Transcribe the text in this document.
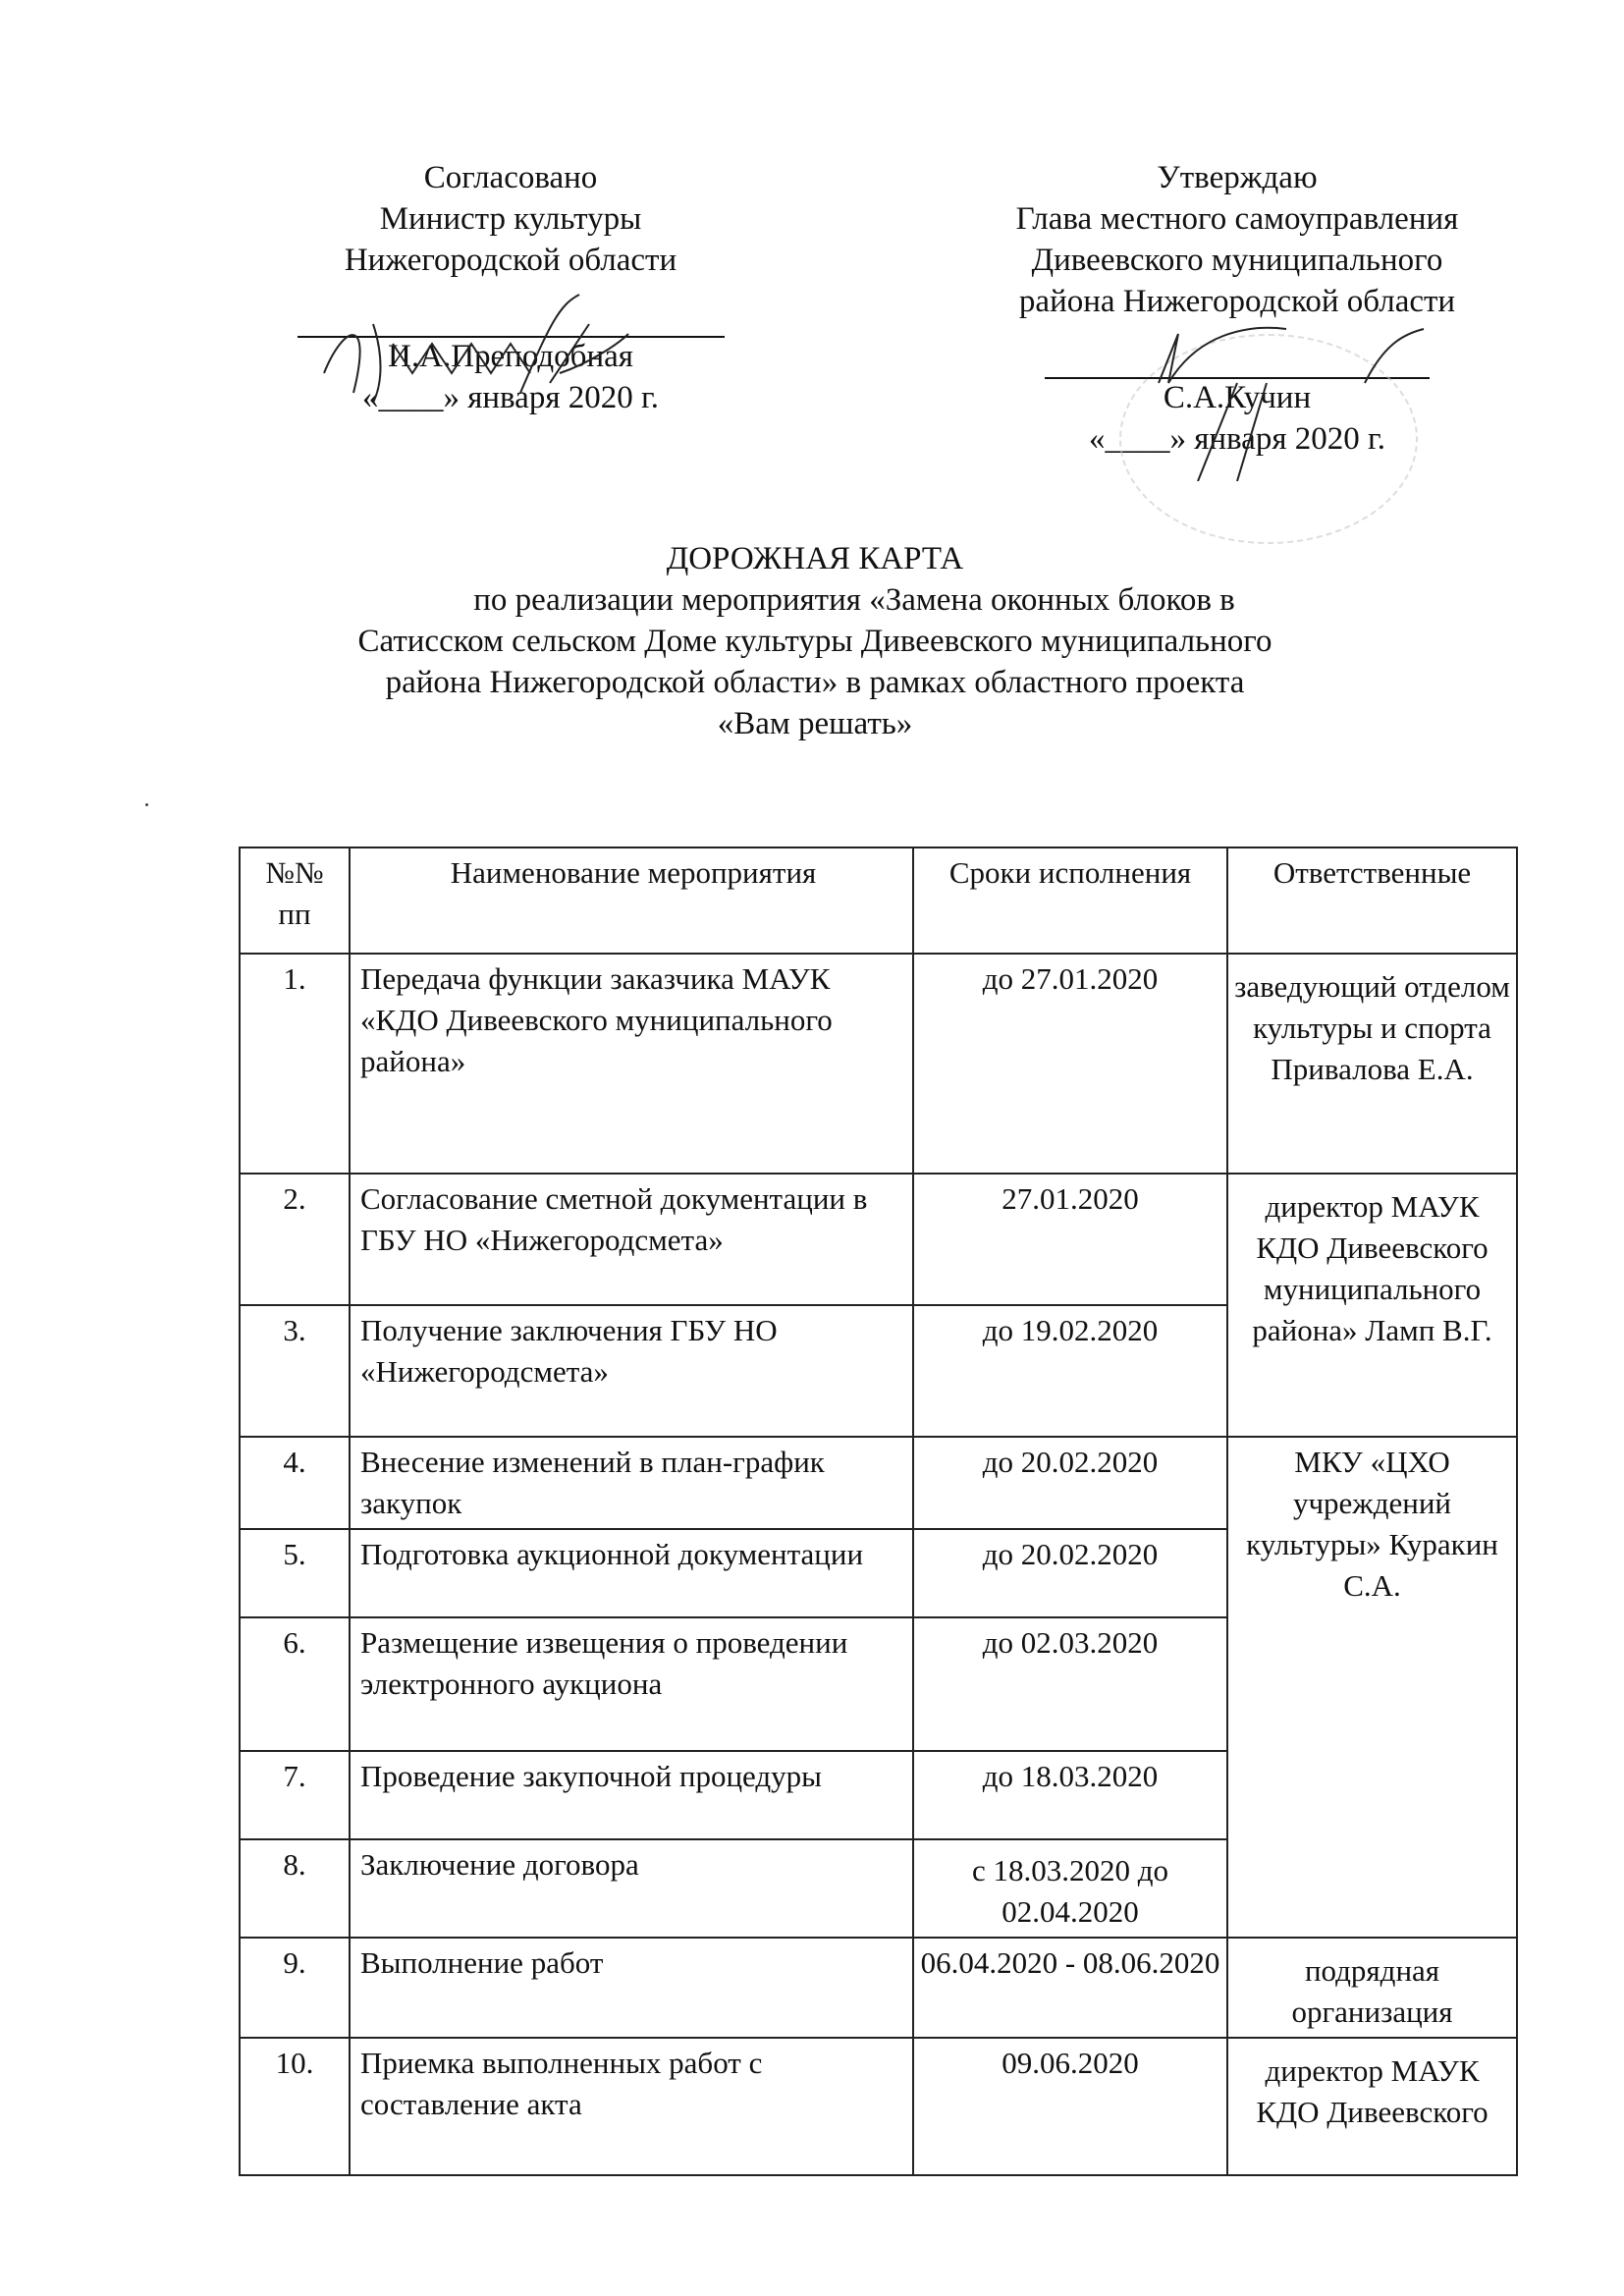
Согласовано
Министр культуры
Нижегородской области
И.А.Преподобная
«____» января 2020 г.
Утверждаю
Глава местного самоуправления
Дивеевского муниципального
района Нижегородской области
С.А.Кучин
«____» января 2020 г.
ДОРОЖНАЯ КАРТА
по реализации мероприятия «Замена оконных блоков в
Сатисском сельском Доме культуры Дивеевского муниципального
района Нижегородской области» в рамках областного проекта
«Вам решать»
№№ пп	Наименование мероприятия	Сроки исполнения	Ответственные
1.	Передача функции заказчика МАУК «КДО Дивеевского муниципального района»	до 27.01.2020	заведующий отделом культуры и спорта Привалова Е.А.
2.	Согласование сметной документации в ГБУ НО «Нижегородсмета»	27.01.2020	директор МАУК КДО Дивеевского муниципального района» Ламп В.Г.
3.	Получение заключения ГБУ НО «Нижегородсмета»	до 19.02.2020	
4.	Внесение изменений в план-график закупок	до 20.02.2020	МКУ «ЦХО учреждений культуры» Куракин С.А.
5.	Подготовка аукционной документации	до 20.02.2020	
6.	Размещение извещения о проведении электронного аукциона	до 02.03.2020	
7.	Проведение закупочной процедуры	до 18.03.2020	
8.	Заключение договора	с 18.03.2020 до 02.04.2020	
9.	Выполнение работ	06.04.2020 - 08.06.2020	подрядная организация
10.	Приемка выполненных работ с составление акта	09.06.2020	директор МАУК КДО Дивеевского
